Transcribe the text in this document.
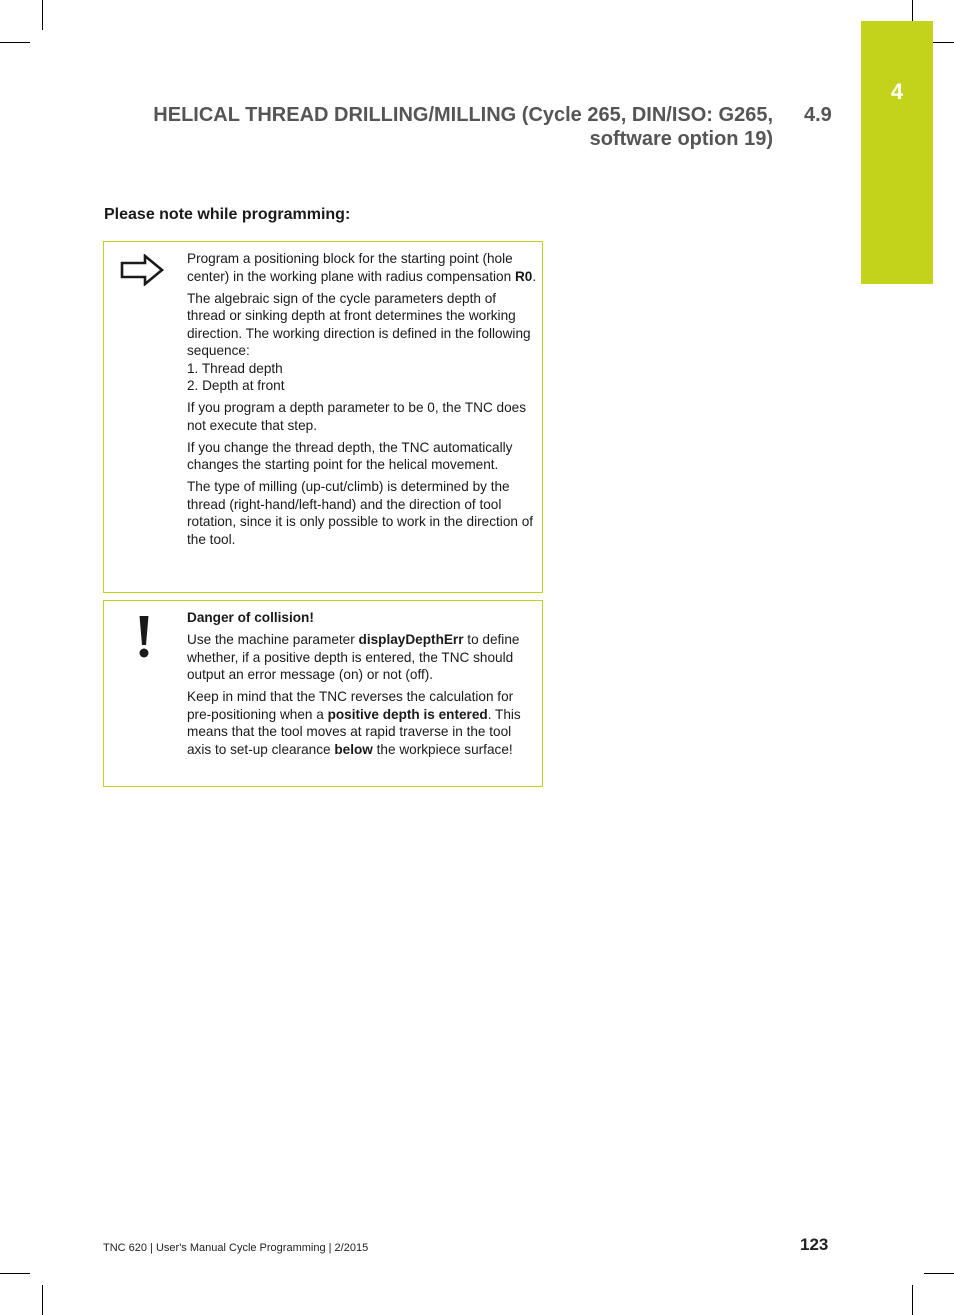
4
HELICAL THREAD DRILLING/MILLING (Cycle 265, DIN/ISO: G265,
software option 19)
4.9
Please note while programming:

Program a positioning block for the starting point (hole center) in the working plane with radius compensation R0.

The algebraic sign of the cycle parameters depth of thread or sinking depth at front determines the working direction. The working direction is defined in the following sequence:
1. Thread depth
2. Depth at front

If you program a depth parameter to be 0, the TNC does not execute that step.

If you change the thread depth, the TNC automatically changes the starting point for the helical movement.

The type of milling (up-cut/climb) is determined by the thread (right-hand/left-hand) and the direction of tool rotation, since it is only possible to work in the direction of the tool.

Danger of collision!

Use the machine parameter displayDepthErr to define whether, if a positive depth is entered, the TNC should output an error message (on) or not (off).

Keep in mind that the TNC reverses the calculation for pre-positioning when a positive depth is entered. This means that the tool moves at rapid traverse in the tool axis to set-up clearance below the workpiece surface!

TNC 620 | User's Manual Cycle Programming | 2/2015	123
